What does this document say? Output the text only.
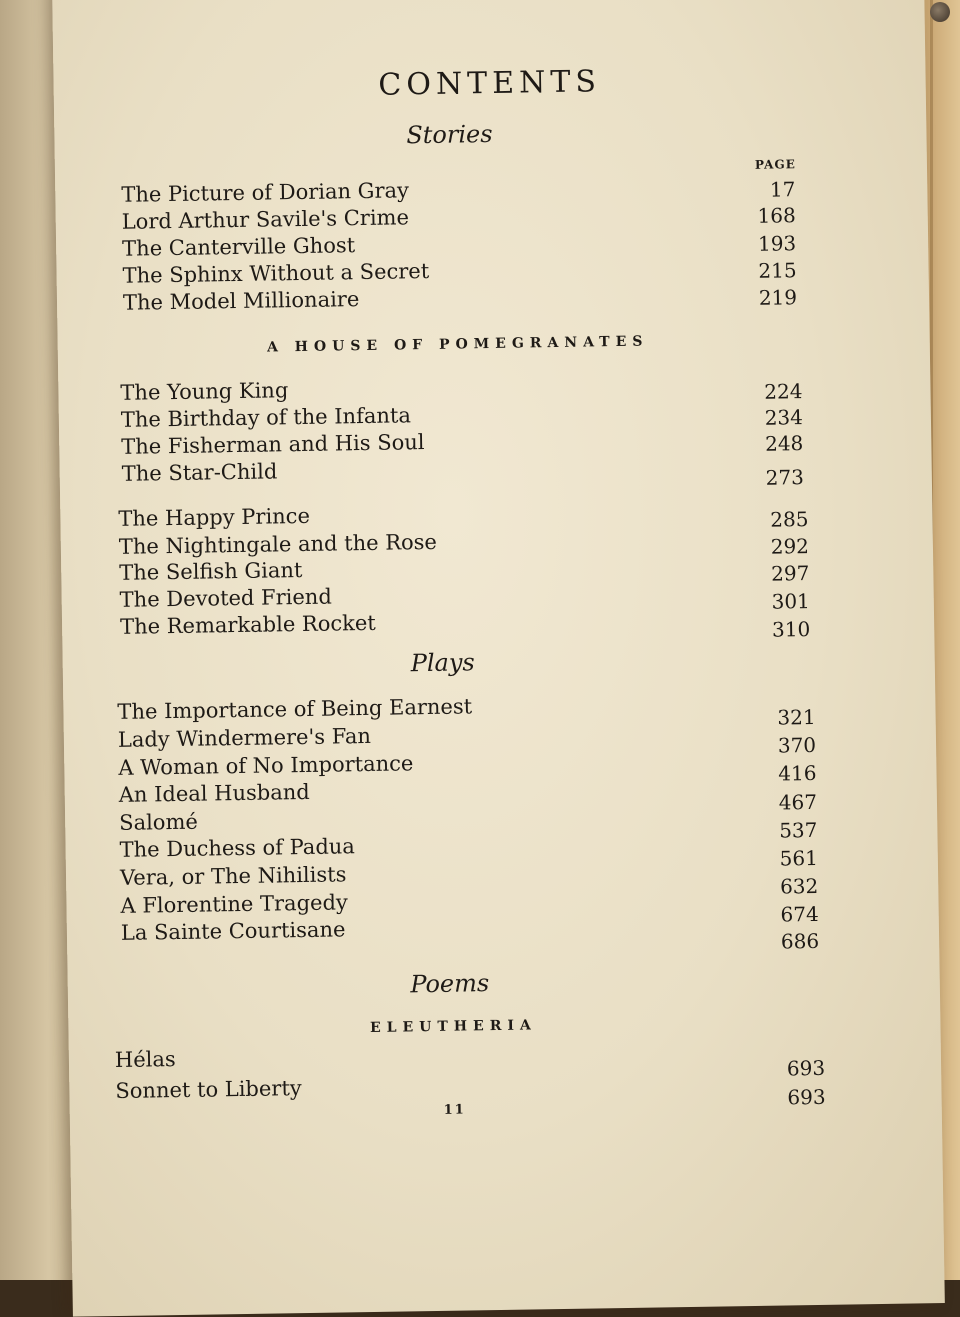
CONTENTS
Stories
PAGE
The Picture of Dorian Gray	17
Lord Arthur Savile's Crime	168
The Canterville Ghost	193
The Sphinx Without a Secret	215
The Model Millionaire	219
A HOUSE OF POMEGRANATES
The Young King	224
The Birthday of the Infanta	234
The Fisherman and His Soul	248
The Star-Child	273
The Happy Prince	285
The Nightingale and the Rose	292
The Selfish Giant	297
The Devoted Friend	301
The Remarkable Rocket	310
Plays
The Importance of Being Earnest	321
Lady Windermere's Fan	370
A Woman of No Importance	416
An Ideal Husband	467
Salomé	537
The Duchess of Padua	561
Vera, or The Nihilists	632
A Florentine Tragedy	674
La Sainte Courtisane	686
Poems
ELEUTHERIA
Hélas	693
Sonnet to Liberty	693
11
